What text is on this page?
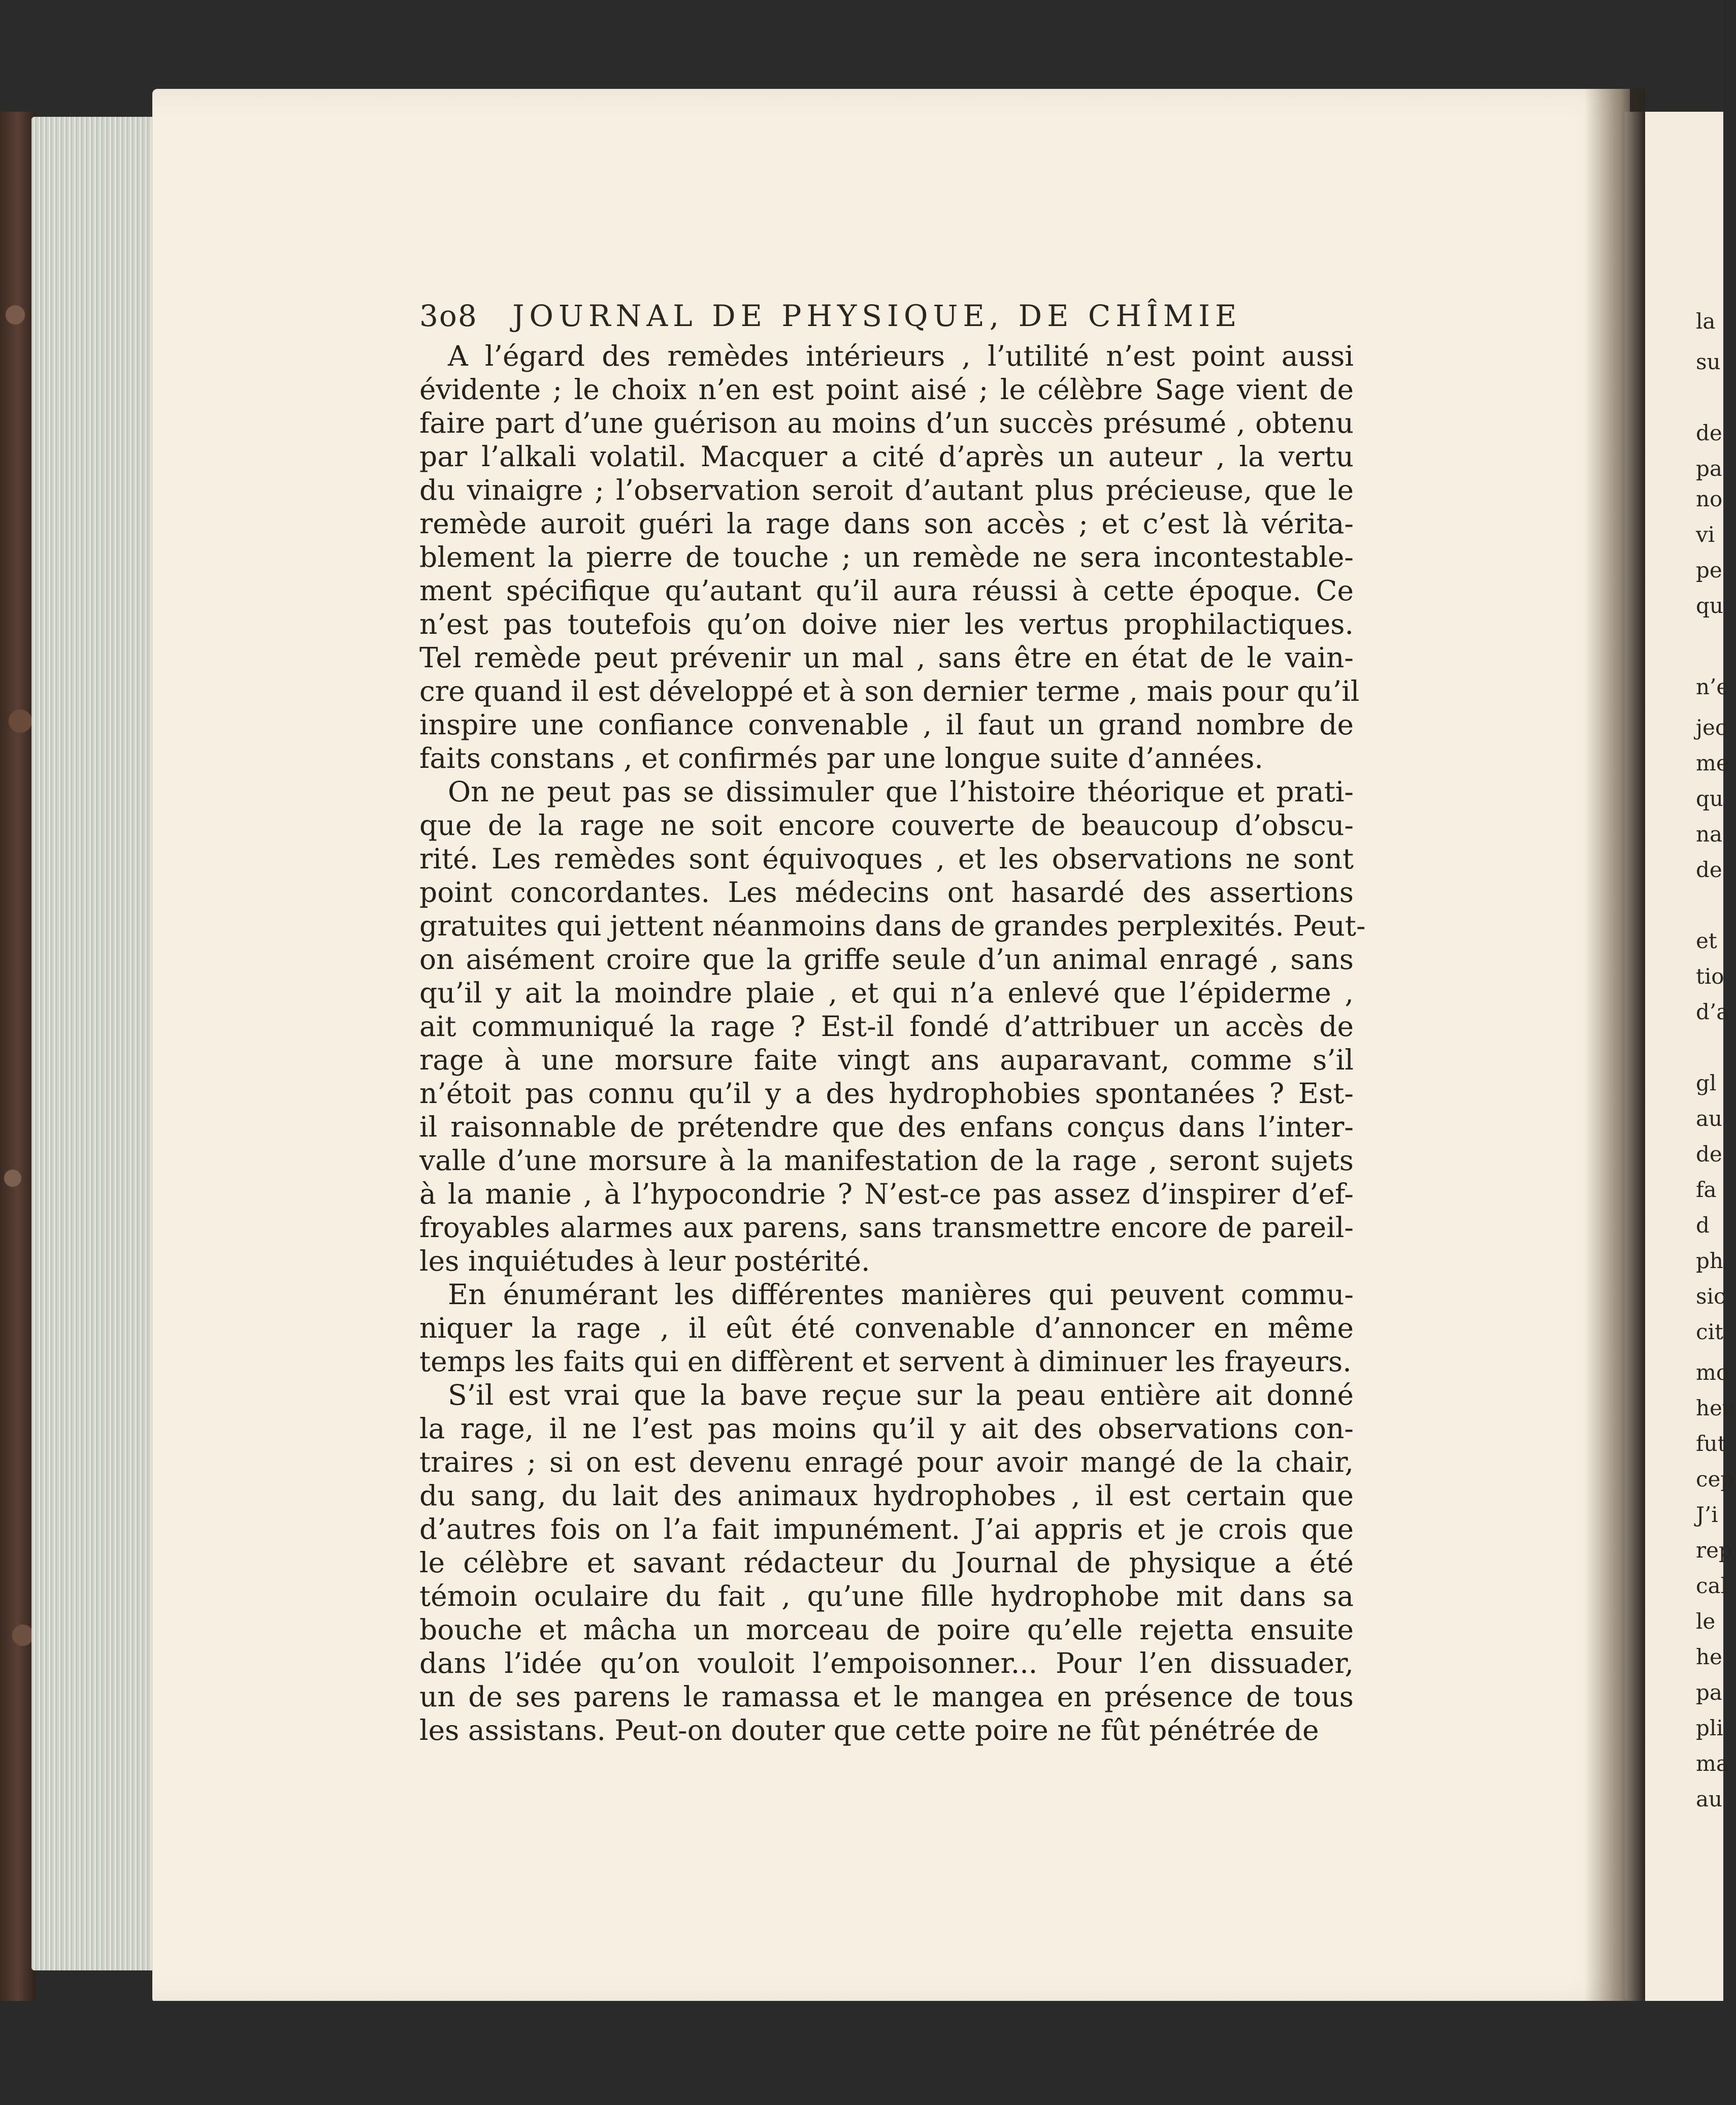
3o8 JOURNAL DE PHYSIQUE, DE CHÎMIE
A l’égard des remèdes intérieurs , l’utilité n’est point aussi
évidente ; le choix n’en est point aisé ; le célèbre Sage vient de
faire part d’une guérison au moins d’un succès présumé , obtenu
par l’alkali volatil. Macquer a cité d’après un auteur , la vertu
du vinaigre ; l’observation seroit d’autant plus précieuse, que le
remède auroit guéri la rage dans son accès ; et c’est là vérita-
blement la pierre de touche ; un remède ne sera incontestable-
ment spécifique qu’autant qu’il aura réussi à cette époque. Ce
n’est pas toutefois qu’on doive nier les vertus prophilactiques.
Tel remède peut prévenir un mal , sans être en état de le vain-
cre quand il est développé et à son dernier terme , mais pour qu’il
inspire une confiance convenable , il faut un grand nombre de
faits constans , et confirmés par une longue suite d’années.
On ne peut pas se dissimuler que l’histoire théorique et prati-
que de la rage ne soit encore couverte de beaucoup d’obscu-
rité. Les remèdes sont équivoques , et les observations ne sont
point concordantes. Les médecins ont hasardé des assertions
gratuites qui jettent néanmoins dans de grandes perplexités. Peut-
on aisément croire que la griffe seule d’un animal enragé , sans
qu’il y ait la moindre plaie , et qui n’a enlevé que l’épiderme ,
ait communiqué la rage ? Est-il fondé d’attribuer un accès de
rage à une morsure faite vingt ans auparavant, comme s’il
n’étoit pas connu qu’il y a des hydrophobies spontanées ? Est-
il raisonnable de prétendre que des enfans conçus dans l’inter-
valle d’une morsure à la manifestation de la rage , seront sujets
à la manie , à l’hypocondrie ? N’est-ce pas assez d’inspirer d’ef-
froyables alarmes aux parens, sans transmettre encore de pareil-
les inquiétudes à leur postérité.
En énumérant les différentes manières qui peuvent commu-
niquer la rage , il eût été convenable d’annoncer en même
temps les faits qui en diffèrent et servent à diminuer les frayeurs.
S’il est vrai que la bave reçue sur la peau entière ait donné
la rage, il ne l’est pas moins qu’il y ait des observations con-
traires ; si on est devenu enragé pour avoir mangé de la chair,
du sang, du lait des animaux hydrophobes , il est certain que
d’autres fois on l’a fait impunément. J’ai appris et je crois que
le célèbre et savant rédacteur du Journal de physique a été
témoin oculaire du fait , qu’une fille hydrophobe mit dans sa
bouche et mâcha un morceau de poire qu’elle rejetta ensuite
dans l’idée qu’on vouloit l’empoisonner... Pour l’en dissuader,
un de ses parens le ramassa et le mangea en présence de tous
les assistans. Peut-on douter que cette poire ne fût pénétrée de
la
su
de
pa
no
vi
pe
qu
n’e
jec
me
qu
na
de
et
tio
d’a
gl
au
de
fa
d
ph
sic
cit
mo
heu
fut
cep
J’i
rep
cal
le
he
pa
pli
ma
au
